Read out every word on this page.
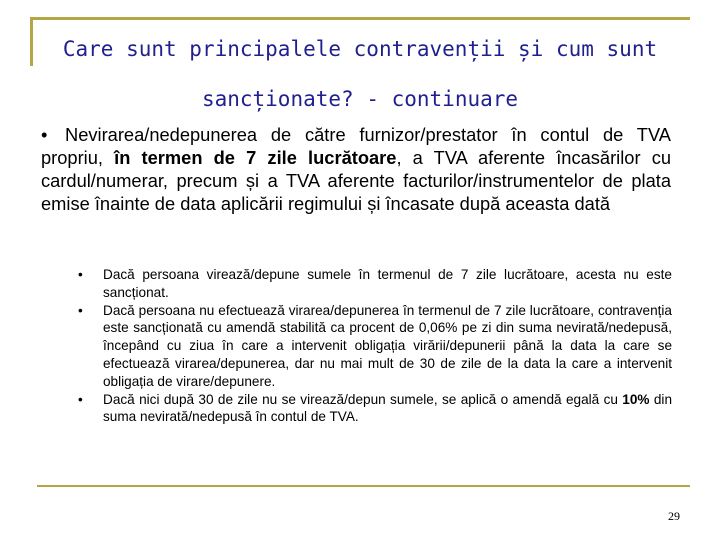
Care sunt principalele contravenții și cum sunt
sancționate? - continuare
• Nevirarea/nedepunerea de către furnizor/prestator în contul de TVA propriu, în termen de 7 zile lucrătoare, a TVA aferente încasărilor cu cardul/numerar, precum și a TVA aferente facturilor/instrumentelor de plata emise înainte de data aplicării regimului și încasate după aceasta dată
• Dacă persoana virează/depune sumele în termenul de 7 zile lucrătoare, acesta nu este sancționat.
• Dacă persoana nu efectuează virarea/depunerea în termenul de 7 zile lucrătoare, contravenția este sancționată cu amendă stabilită ca procent de 0,06% pe zi din suma nevirată/nedepusă, începând cu ziua în care a intervenit obligația virării/depunerii până la data la care se efectuează virarea/depunerea, dar nu mai mult de 30 de zile de la data la care a intervenit obligația de virare/depunere.
• Dacă nici după 30 de zile nu se virează/depun sumele, se aplică o amendă egală cu 10% din suma nevirată/nedepusă în contul de TVA.
29
